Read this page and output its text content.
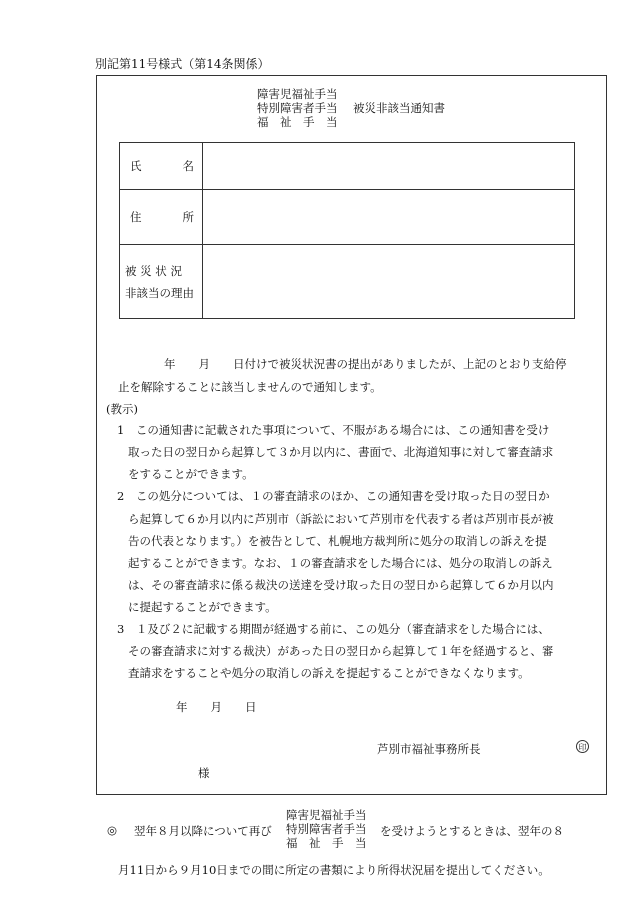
別記第11号様式（第14条関係）
障害児福祉手当
特別障害者手当 被災非該当通知書
福　祉　手　当
氏 名	

住 所	

被 災 状 況
非該当の理由	

　　　　年　　月　　日付けで被災状況書の提出がありましたが、上記のとおり支給停
止を解除することに該当しませんので通知します。
(教示)
1　この通知書に記載された事項について、不服がある場合には、この通知書を受け
取った日の翌日から起算して３か月以内に、書面で、北海道知事に対して審査請求
をすることができます。
2　この処分については、１の審査請求のほか、この通知書を受け取った日の翌日か
ら起算して６か月以内に芦別市（訴訟において芦別市を代表する者は芦別市長が被
告の代表となります。）を被告として、札幌地方裁判所に処分の取消しの訴えを提
起することができます。なお、１の審査請求をした場合には、処分の取消しの訴え
は、その審査請求に係る裁決の送達を受け取った日の翌日から起算して６か月以内
に提起することができます。
3　１及び２に記載する期間が経過する前に、この処分（審査請求をした場合には、
その審査請求に対する裁決）があった日の翌日から起算して１年を経過すると、審
査請求をすることや処分の取消しの訴えを提起することができなくなります。
年　　月　　日
芦別市福祉事務所長	印
様
◎ 翌年８月以降について再び
障害児福祉手当
特別障害者手当
福　祉　手　当
を受けようとするときは、翌年の８
月11日から９月10日までの間に所定の書類により所得状況届を提出してください。
